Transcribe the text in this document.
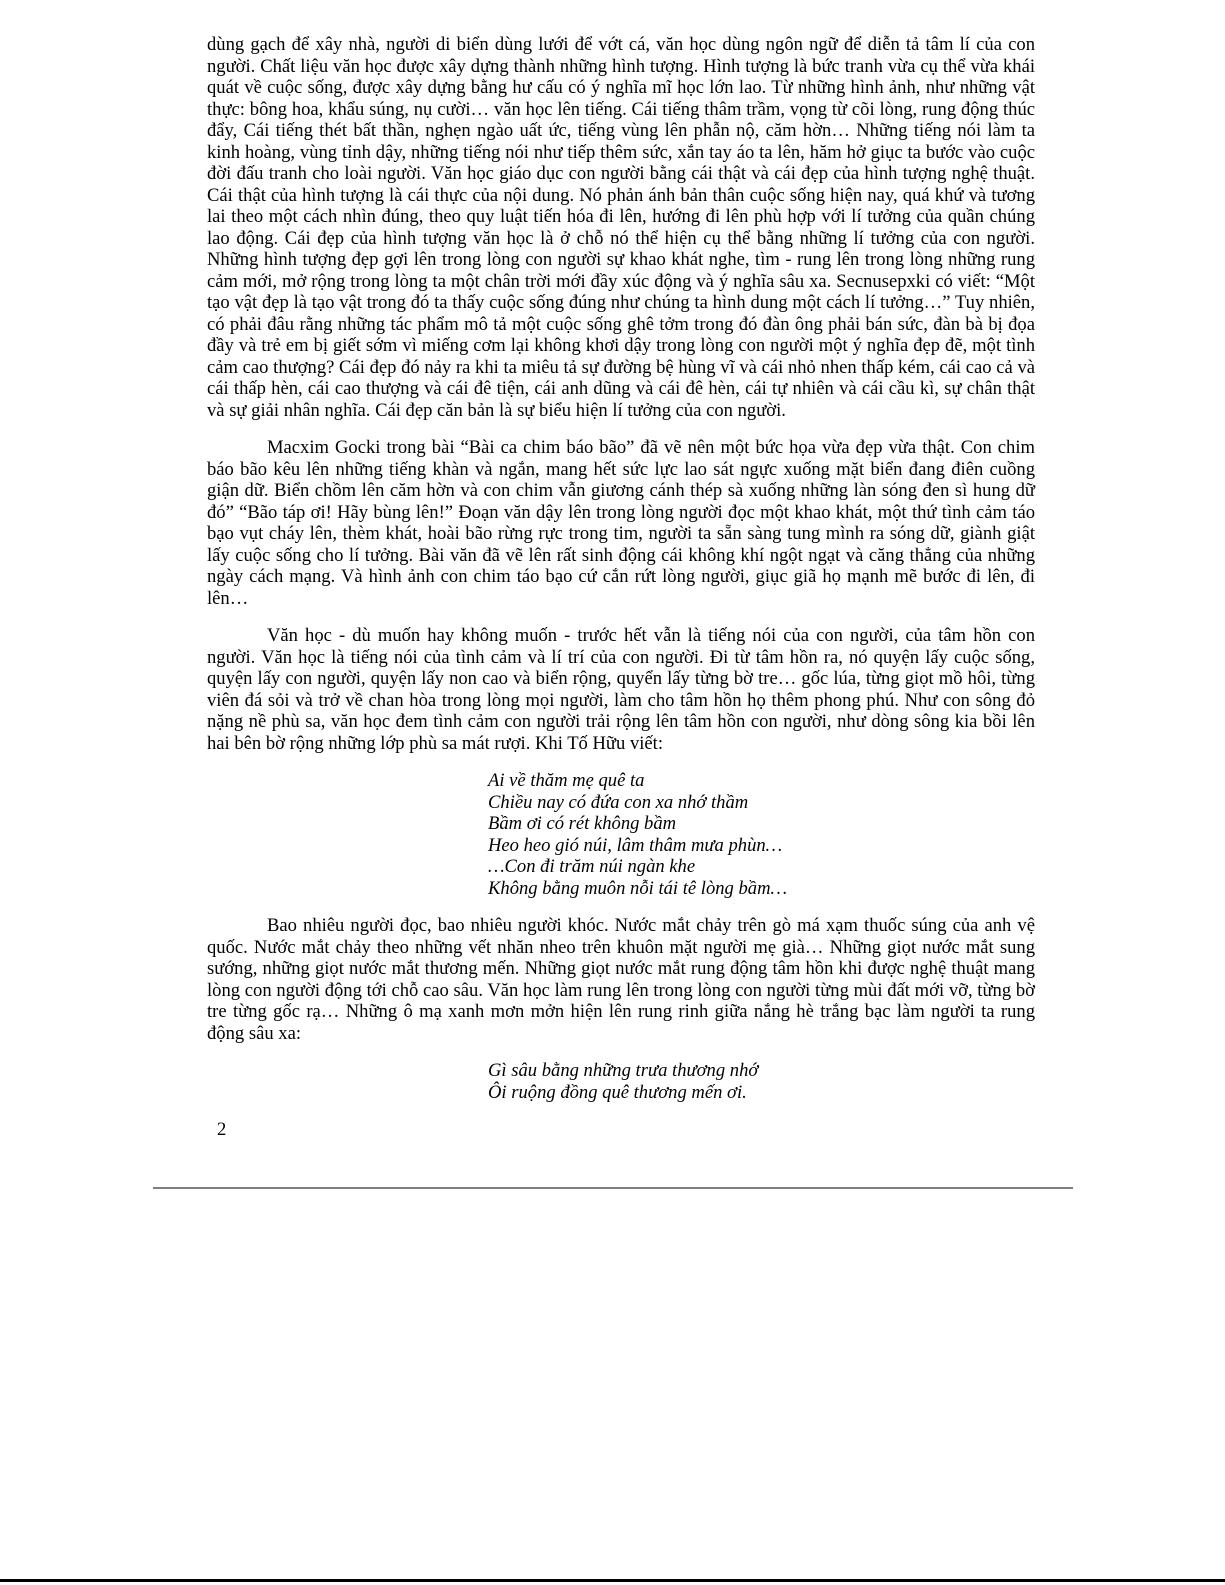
dùng gạch để xây nhà, người di biển dùng lưới để vớt cá, văn học dùng ngôn ngữ để diễn tả tâm lí của con người. Chất liệu văn học được xây dựng thành những hình tượng. Hình tượng là bức tranh vừa cụ thể vừa khái quát về cuộc sống, được xây dựng bằng hư cấu có ý nghĩa mĩ học lớn lao. Từ những hình ảnh, như những vật thực: bông hoa, khẩu súng, nụ cười… văn học lên tiếng. Cái tiếng thâm trầm, vọng từ cõi lòng, rung động thúc đẩy, Cái tiếng thét bất thần, nghẹn ngào uất ức, tiếng vùng lên phẫn nộ, căm hờn… Những tiếng nói làm ta kinh hoàng, vùng tỉnh dậy, những tiếng nói như tiếp thêm sức, xắn tay áo ta lên, hăm hở giục ta bước vào cuộc đời đấu tranh cho loài người. Văn học giáo dục con người bằng cái thật và cái đẹp của hình tượng nghệ thuật. Cái thật của hình tượng là cái thực của nội dung. Nó phản ánh bản thân cuộc sống hiện nay, quá khứ và tương lai theo một cách nhìn đúng, theo quy luật tiến hóa đi lên, hướng đi lên phù hợp với lí tưởng của quần chúng lao động. Cái đẹp của hình tượng văn học là ở chỗ nó thể hiện cụ thể bằng những lí tưởng của con người. Những hình tượng đẹp gợi lên trong lòng con người sự khao khát nghe, tìm - rung lên trong lòng những rung cảm mới, mở rộng trong lòng ta một chân trời mới đầy xúc động và ý nghĩa sâu xa. Secnusepxki có viết: “Một tạo vật đẹp là tạo vật trong đó ta thấy cuộc sống đúng như chúng ta hình dung một cách lí tưởng…” Tuy nhiên, có phải đâu rằng những tác phẩm mô tả một cuộc sống ghê tởm trong đó đàn ông phải bán sức, đàn bà bị đọa đầy và trẻ em bị giết sớm vì miếng cơm lại không khơi dậy trong lòng con người một ý nghĩa đẹp đẽ, một tình cảm cao thượng? Cái đẹp đó nảy ra khi ta miêu tả sự đường bệ hùng vĩ và cái nhỏ nhen thấp kém, cái cao cả và cái thấp hèn, cái cao thượng và cái đê tiện, cái anh dũng và cái đê hèn, cái tự nhiên và cái cầu kì, sự chân thật và sự giải nhân nghĩa. Cái đẹp căn bản là sự biểu hiện lí tưởng của con người.

Macxim Gocki trong bài “Bài ca chim báo bão” đã vẽ nên một bức họa vừa đẹp vừa thật. Con chim báo bão kêu lên những tiếng khàn và ngắn, mang hết sức lực lao sát ngực xuống mặt biển đang điên cuồng giận dữ. Biển chồm lên căm hờn và con chim vẫn giương cánh thép sà xuống những làn sóng đen sì hung dữ đó” “Bão táp ơi! Hãy bùng lên!” Đoạn văn dậy lên trong lòng người đọc một khao khát, một thứ tình cảm táo bạo vụt cháy lên, thèm khát, hoài bão rừng rực trong tim, người ta sẵn sàng tung mình ra sóng dữ, giành giật lấy cuộc sống cho lí tưởng. Bài văn đã vẽ lên rất sinh động cái không khí ngột ngạt và căng thẳng của những ngày cách mạng. Và hình ảnh con chim táo bạo cứ cắn rứt lòng người, giục giã họ mạnh mẽ bước đi lên, đi lên…

Văn học - dù muốn hay không muốn - trước hết vẫn là tiếng nói của con người, của tâm hồn con người. Văn học là tiếng nói của tình cảm và lí trí của con người. Đi từ tâm hồn ra, nó quyện lấy cuộc sống, quyện lấy con người, quyện lấy non cao và biển rộng, quyển lấy từng bờ tre… gốc lúa, từng giọt mồ hôi, từng viên đá sỏi và trở về chan hòa trong lòng mọi người, làm cho tâm hồn họ thêm phong phú. Như con sông đỏ nặng nề phù sa, văn học đem tình cảm con người trải rộng lên tâm hồn con người, như dòng sông kia bồi lên hai bên bờ rộng những lớp phù sa mát rượi. Khi Tố Hữu viết:

Ai về thăm mẹ quê ta
Chiều nay có đứa con xa nhớ thầm
Bầm ơi có rét không bầm
Heo heo gió núi, lâm thâm mưa phùn…
…Con đi trăm núi ngàn khe
Không bằng muôn nỗi tái tê lòng bầm…

Bao nhiêu người đọc, bao nhiêu người khóc. Nước mắt chảy trên gò má xạm thuốc súng của anh vệ quốc. Nước mắt chảy theo những vết nhăn nheo trên khuôn mặt người mẹ già… Những giọt nước mắt sung sướng, những giọt nước mắt thương mến. Những giọt nước mắt rung động tâm hồn khi được nghệ thuật mang lòng con người động tới chỗ cao sâu. Văn học làm rung lên trong lòng con người từng mùi đất mới vỡ, từng bờ tre từng gốc rạ… Những ô mạ xanh mơn mởn hiện lên rung rinh giữa nắng hè trắng bạc làm người ta rung động sâu xa:

Gì sâu bằng những trưa thương nhớ
Ôi ruộng đồng quê thương mến ơi.
2
